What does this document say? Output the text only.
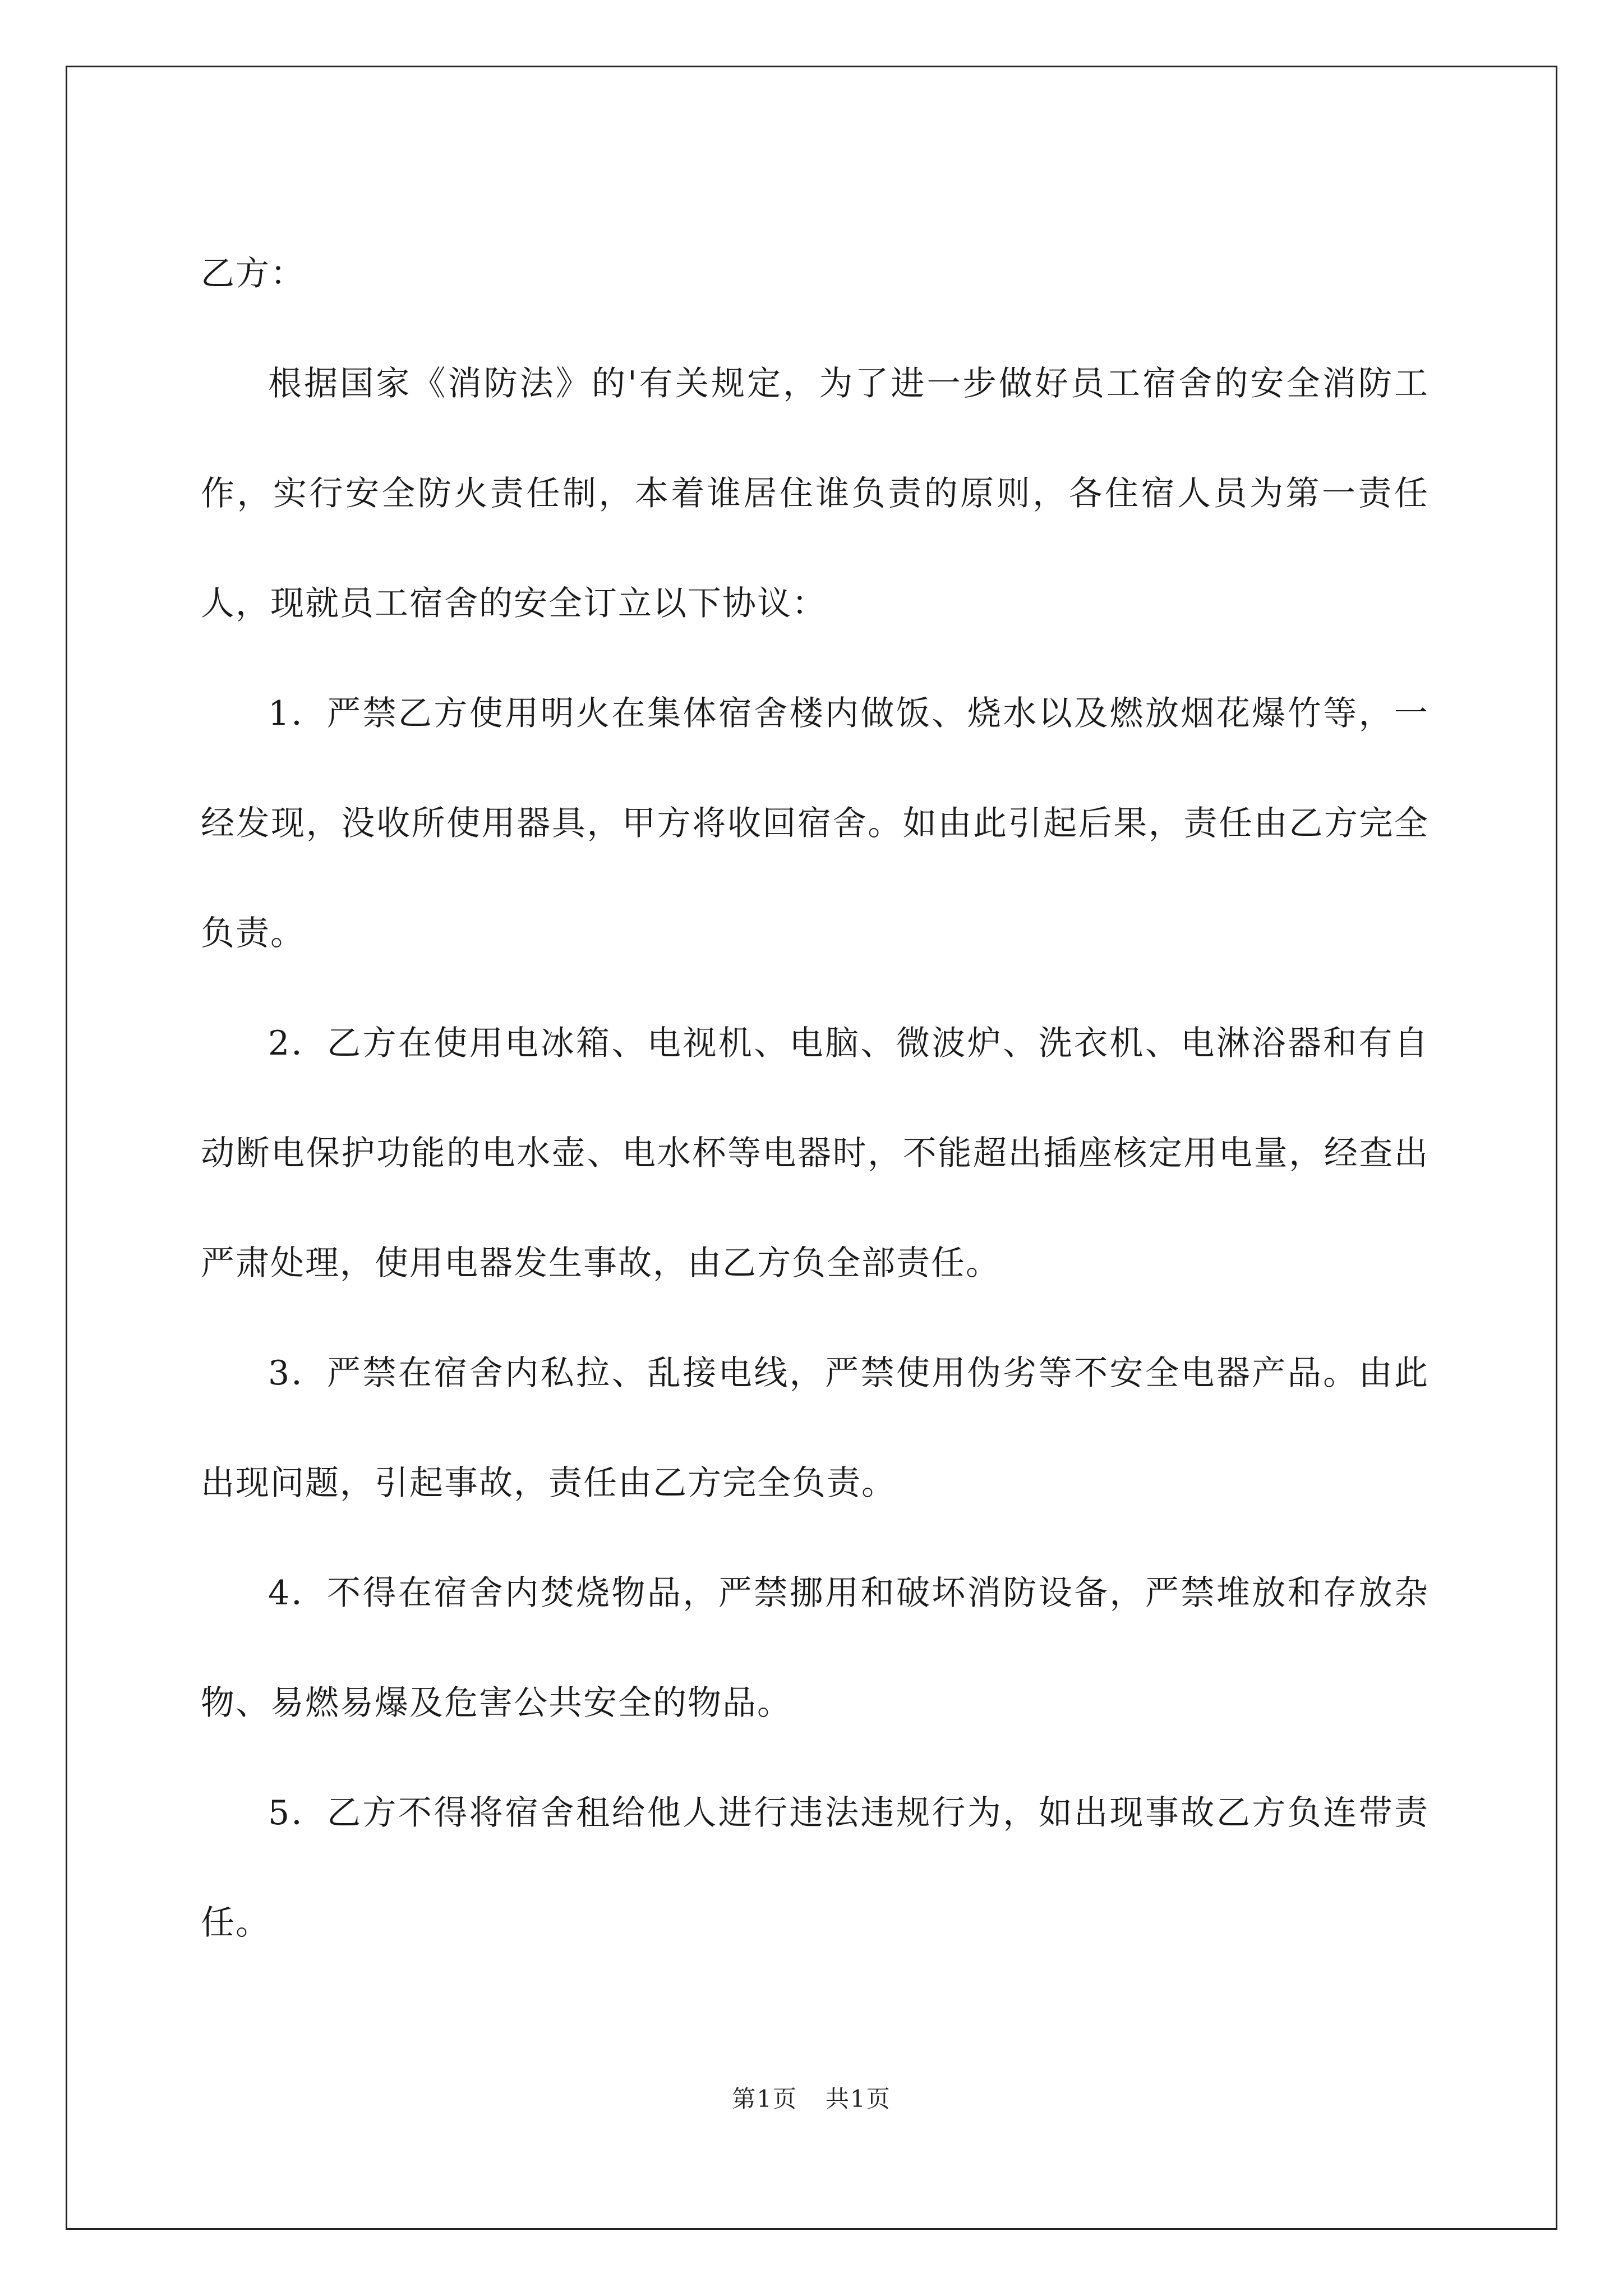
乙方：

根据国家《消防法》的'有关规定，为了进一步做好员工宿舍的安全消防工作，实行安全防火责任制，本着谁居住谁负责的原则，各住宿人员为第一责任人，现就员工宿舍的安全订立以下协议：

1．严禁乙方使用明火在集体宿舍楼内做饭、烧水以及燃放烟花爆竹等，一经发现，没收所使用器具，甲方将收回宿舍。如由此引起后果，责任由乙方完全负责。

2．乙方在使用电冰箱、电视机、电脑、微波炉、洗衣机、电淋浴器和有自动断电保护功能的电水壶、电水杯等电器时，不能超出插座核定用电量，经查出严肃处理，使用电器发生事故，由乙方负全部责任。

3．严禁在宿舍内私拉、乱接电线，严禁使用伪劣等不安全电器产品。由此出现问题，引起事故，责任由乙方完全负责。

4．不得在宿舍内焚烧物品，严禁挪用和破坏消防设备，严禁堆放和存放杂物、易燃易爆及危害公共安全的物品。

5．乙方不得将宿舍租给他人进行违法违规行为，如出现事故乙方负连带责任。

第1页 共1页
